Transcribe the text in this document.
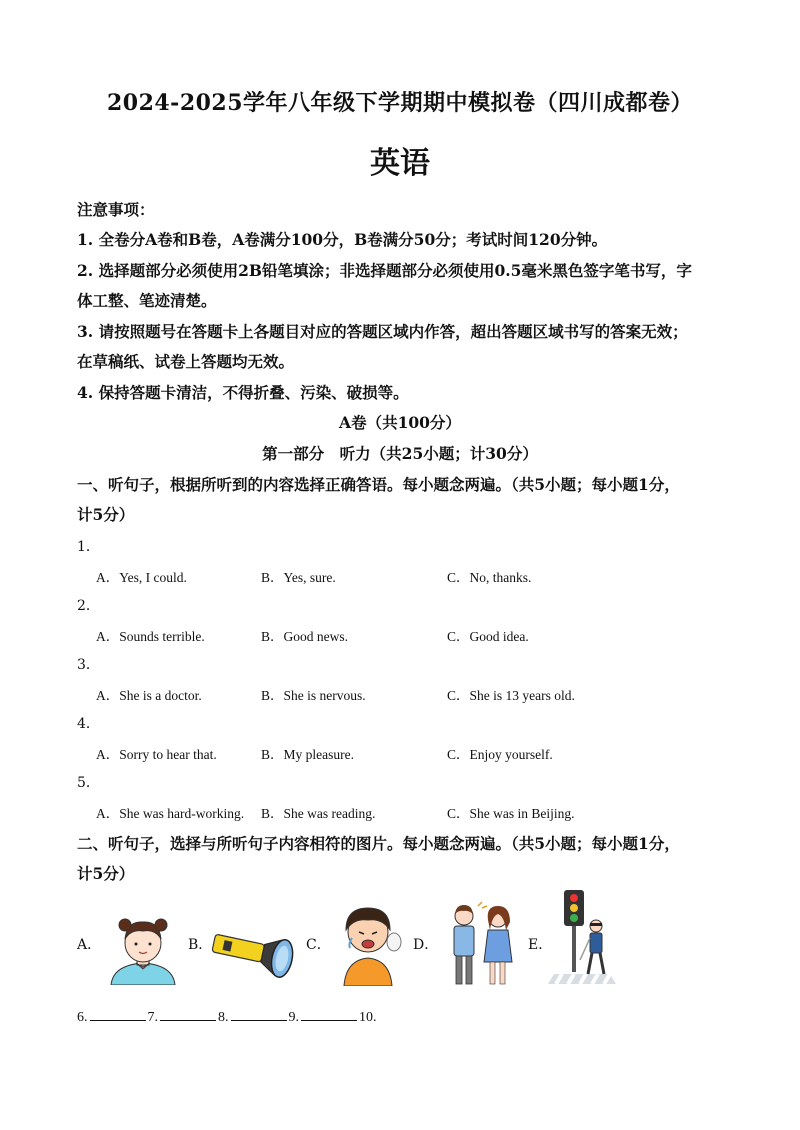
2024-2025学年八年级下学期期中模拟卷（四川成都卷）
英语
注意事项：
1. 全卷分A卷和B卷，A卷满分100分，B卷满分50分；考试时间120分钟。
2. 选择题部分必须使用2B铅笔填涂；非选择题部分必须使用0.5毫米黑色签字笔书写，字
体工整、笔迹清楚。
3. 请按照题号在答题卡上各题目对应的答题区域内作答，超出答题区域书写的答案无效；
在草稿纸、试卷上答题均无效。
4. 保持答题卡清洁，不得折叠、污染、破损等。
A卷（共100分）
第一部分　听力（共25小题；计30分）
一、听句子，根据所听到的内容选择正确答语。每小题念两遍。（共5小题；每小题1分，
计5分）
1．
A．Yes, I could.	B．Yes, sure.	C．No, thanks.
2．
A．Sounds terrible.	B．Good news.	C．Good idea.
3．
A．She is a doctor.	B．She is nervous.	C．She is 13 years old.
4．
A．Sorry to hear that.	B．My pleasure.	C．Enjoy yourself.
5．
A．She was hard-working. B．She was reading.	C．She was in Beijing.
二、听句子，选择与所听句子内容相符的图片。每小题念两遍。（共5小题；每小题1分，
计5分）
A．	B．	C．	D．	E．
6.	7.	8.	9.	10.
